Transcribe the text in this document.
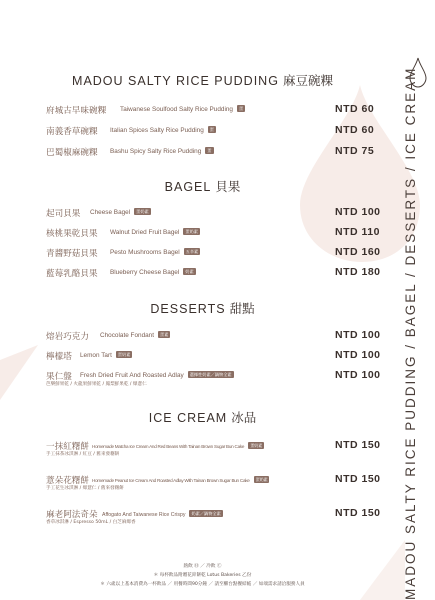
MADOU SALTY RICE PUDDING 麻豆碗粿
府城古早味碗粿 Taiwanese Soulfood Salty Rice Pudding 蛋	NTD 60
南義香草碗粿 Italian Spices Salty Rice Pudding 蛋	NTD 60
巴蜀椒麻碗粿 Bashu Spicy Salty Rice Pudding 蛋	NTD 75
BAGEL 貝果
起司貝果 Cheese Bagel 蛋奶素	NTD 100
核桃果乾貝果 Walnut Dried Fruit Bagel 蛋奶素	NTD 110
青醬野菇貝果 Pesto Mushrooms Bagel 五辛素	NTD 160
藍莓乳酪貝果 Blueberry Cheese Bagel 奶素	NTD 180
DESSERTS 甜點
熔岩巧克力 Chocolate Fondant 蛋素	NTD 100
檸檬塔 Lemon Tart 蛋奶素	NTD 100
果仁盤 Fresh Dried Fruit And Roasted Adlay 選擇性奶素／鍋物全素	NTD 100
芭樂鮮果乾 / 火龍果鮮果乾 / 鳳梨鮮果乾 / 爆薏仁
ICE CREAM 冰品
一抹紅糬餅 Homemade Matcha Ice Cream And Red Beans With Tainan Brown Sugar Bun Cake 蛋奶素	NTD 150
手工抹茶冰淇淋 / 紅豆 / 舊來發糬餅
薏朵花糬餅 Homemade Peanut Ice Cream And Roasted Adlay With Tainan Brown Sugar Bun Cake 蛋奶素	NTD 150
手工花生冰淇淋 / 爆薏仁 / 舊來發糬餅
麻老阿法奇朵 Affogato And Taiwanese Rice Crispy 奶素／鍋物全素	NTD 150
香草冰淇淋 / Espresso 50mL / 白芝麻爆香
熱飲 Ⓗ ／ 冷飲 Ⓒ
＊ 每杯飲品附贈花鋅餅乾 Lotus Bakeries 乙份
＊ 六歲以上基本消費為一杯飲品 ／ 用餐時間90分鐘 ／ 請至櫃台點餐結帳 ／ 如端需求請洽服務人員	MADOU SALTY RICE PUDDING / BAGEL / DESSERTS / ICE CREAM
